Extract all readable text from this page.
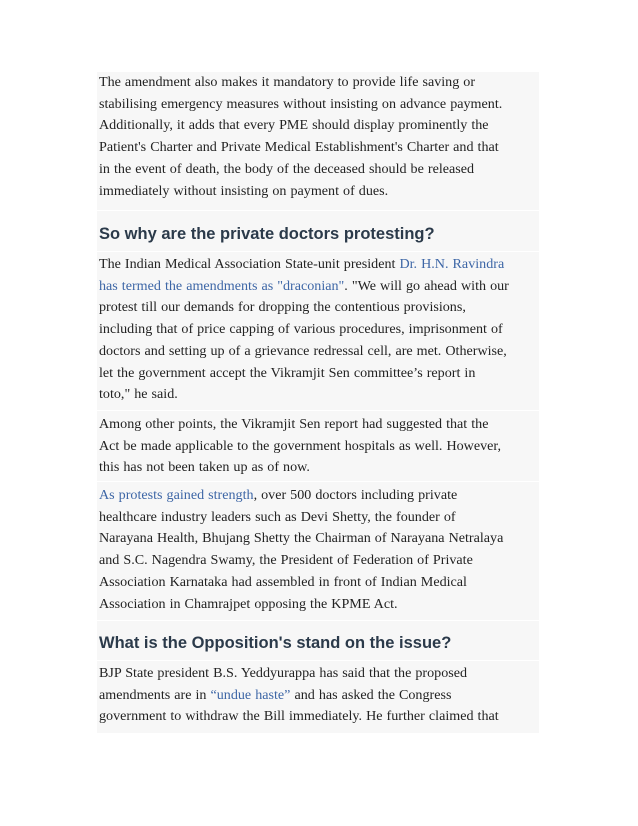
The amendment also makes it mandatory to provide life saving or
stabilising emergency measures without insisting on advance payment.
Additionally, it adds that every PME should display prominently the
Patient's Charter and Private Medical Establishment's Charter and that
in the event of death, the body of the deceased should be released
immediately without insisting on payment of dues.

So why are the private doctors protesting?

The Indian Medical Association State-unit president Dr. H.N. Ravindra
has termed the amendments as "draconian". "We will go ahead with our
protest till our demands for dropping the contentious provisions,
including that of price capping of various procedures, imprisonment of
doctors and setting up of a grievance redressal cell, are met. Otherwise,
let the government accept the Vikramjit Sen committee’s report in
toto," he said.

Among other points, the Vikramjit Sen report had suggested that the
Act be made applicable to the government hospitals as well. However,
this has not been taken up as of now.

As protests gained strength, over 500 doctors including private
healthcare industry leaders such as Devi Shetty, the founder of
Narayana Health, Bhujang Shetty the Chairman of Narayana Netralaya
and S.C. Nagendra Swamy, the President of Federation of Private
Association Karnataka had assembled in front of Indian Medical
Association in Chamrajpet opposing the KPME Act.

What is the Opposition's stand on the issue?

BJP State president B.S. Yeddyurappa has said that the proposed
amendments are in “undue haste” and has asked the Congress
government to withdraw the Bill immediately. He further claimed that
